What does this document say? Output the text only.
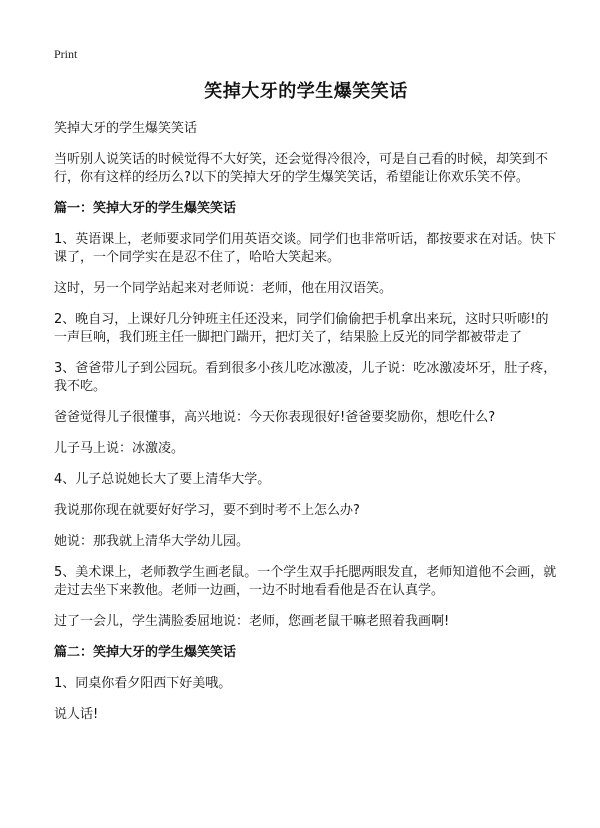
Print
笑掉大牙的学生爆笑笑话

笑掉大牙的学生爆笑笑话

当听别人说笑话的时候觉得不大好笑，还会觉得冷很冷，可是自己看的时候，却笑到不行，你有这样的经历么?以下的笑掉大牙的学生爆笑笑话，希望能让你欢乐笑不停。

篇一：笑掉大牙的学生爆笑笑话

1、英语课上，老师要求同学们用英语交谈。同学们也非常听话，都按要求在对话。快下课了，一个同学实在是忍不住了，哈哈大笑起来。

这时，另一个同学站起来对老师说：老师，他在用汉语笑。

2、晚自习，上课好几分钟班主任还没来，同学们偷偷把手机拿出来玩，这时只听嘭!的一声巨响，我们班主任一脚把门踹开，把灯关了，结果脸上反光的同学都被带走了

3、爸爸带儿子到公园玩。看到很多小孩儿吃冰激凌，儿子说：吃冰激凌坏牙，肚子疼，我不吃。

爸爸觉得儿子很懂事，高兴地说：今天你表现很好!爸爸要奖励你，想吃什么?

儿子马上说：冰激凌。

4、儿子总说她长大了要上清华大学。

我说那你现在就要好好学习，要不到时考不上怎么办?

她说：那我就上清华大学幼儿园。

5、美术课上，老师教学生画老鼠。一个学生双手托腮两眼发直，老师知道他不会画，就走过去坐下来教他。老师一边画，一边不时地看看他是否在认真学。

过了一会儿，学生满脸委屈地说：老师，您画老鼠干嘛老照着我画啊!

篇二：笑掉大牙的学生爆笑笑话

1、同桌你看夕阳西下好美哦。

说人话!
